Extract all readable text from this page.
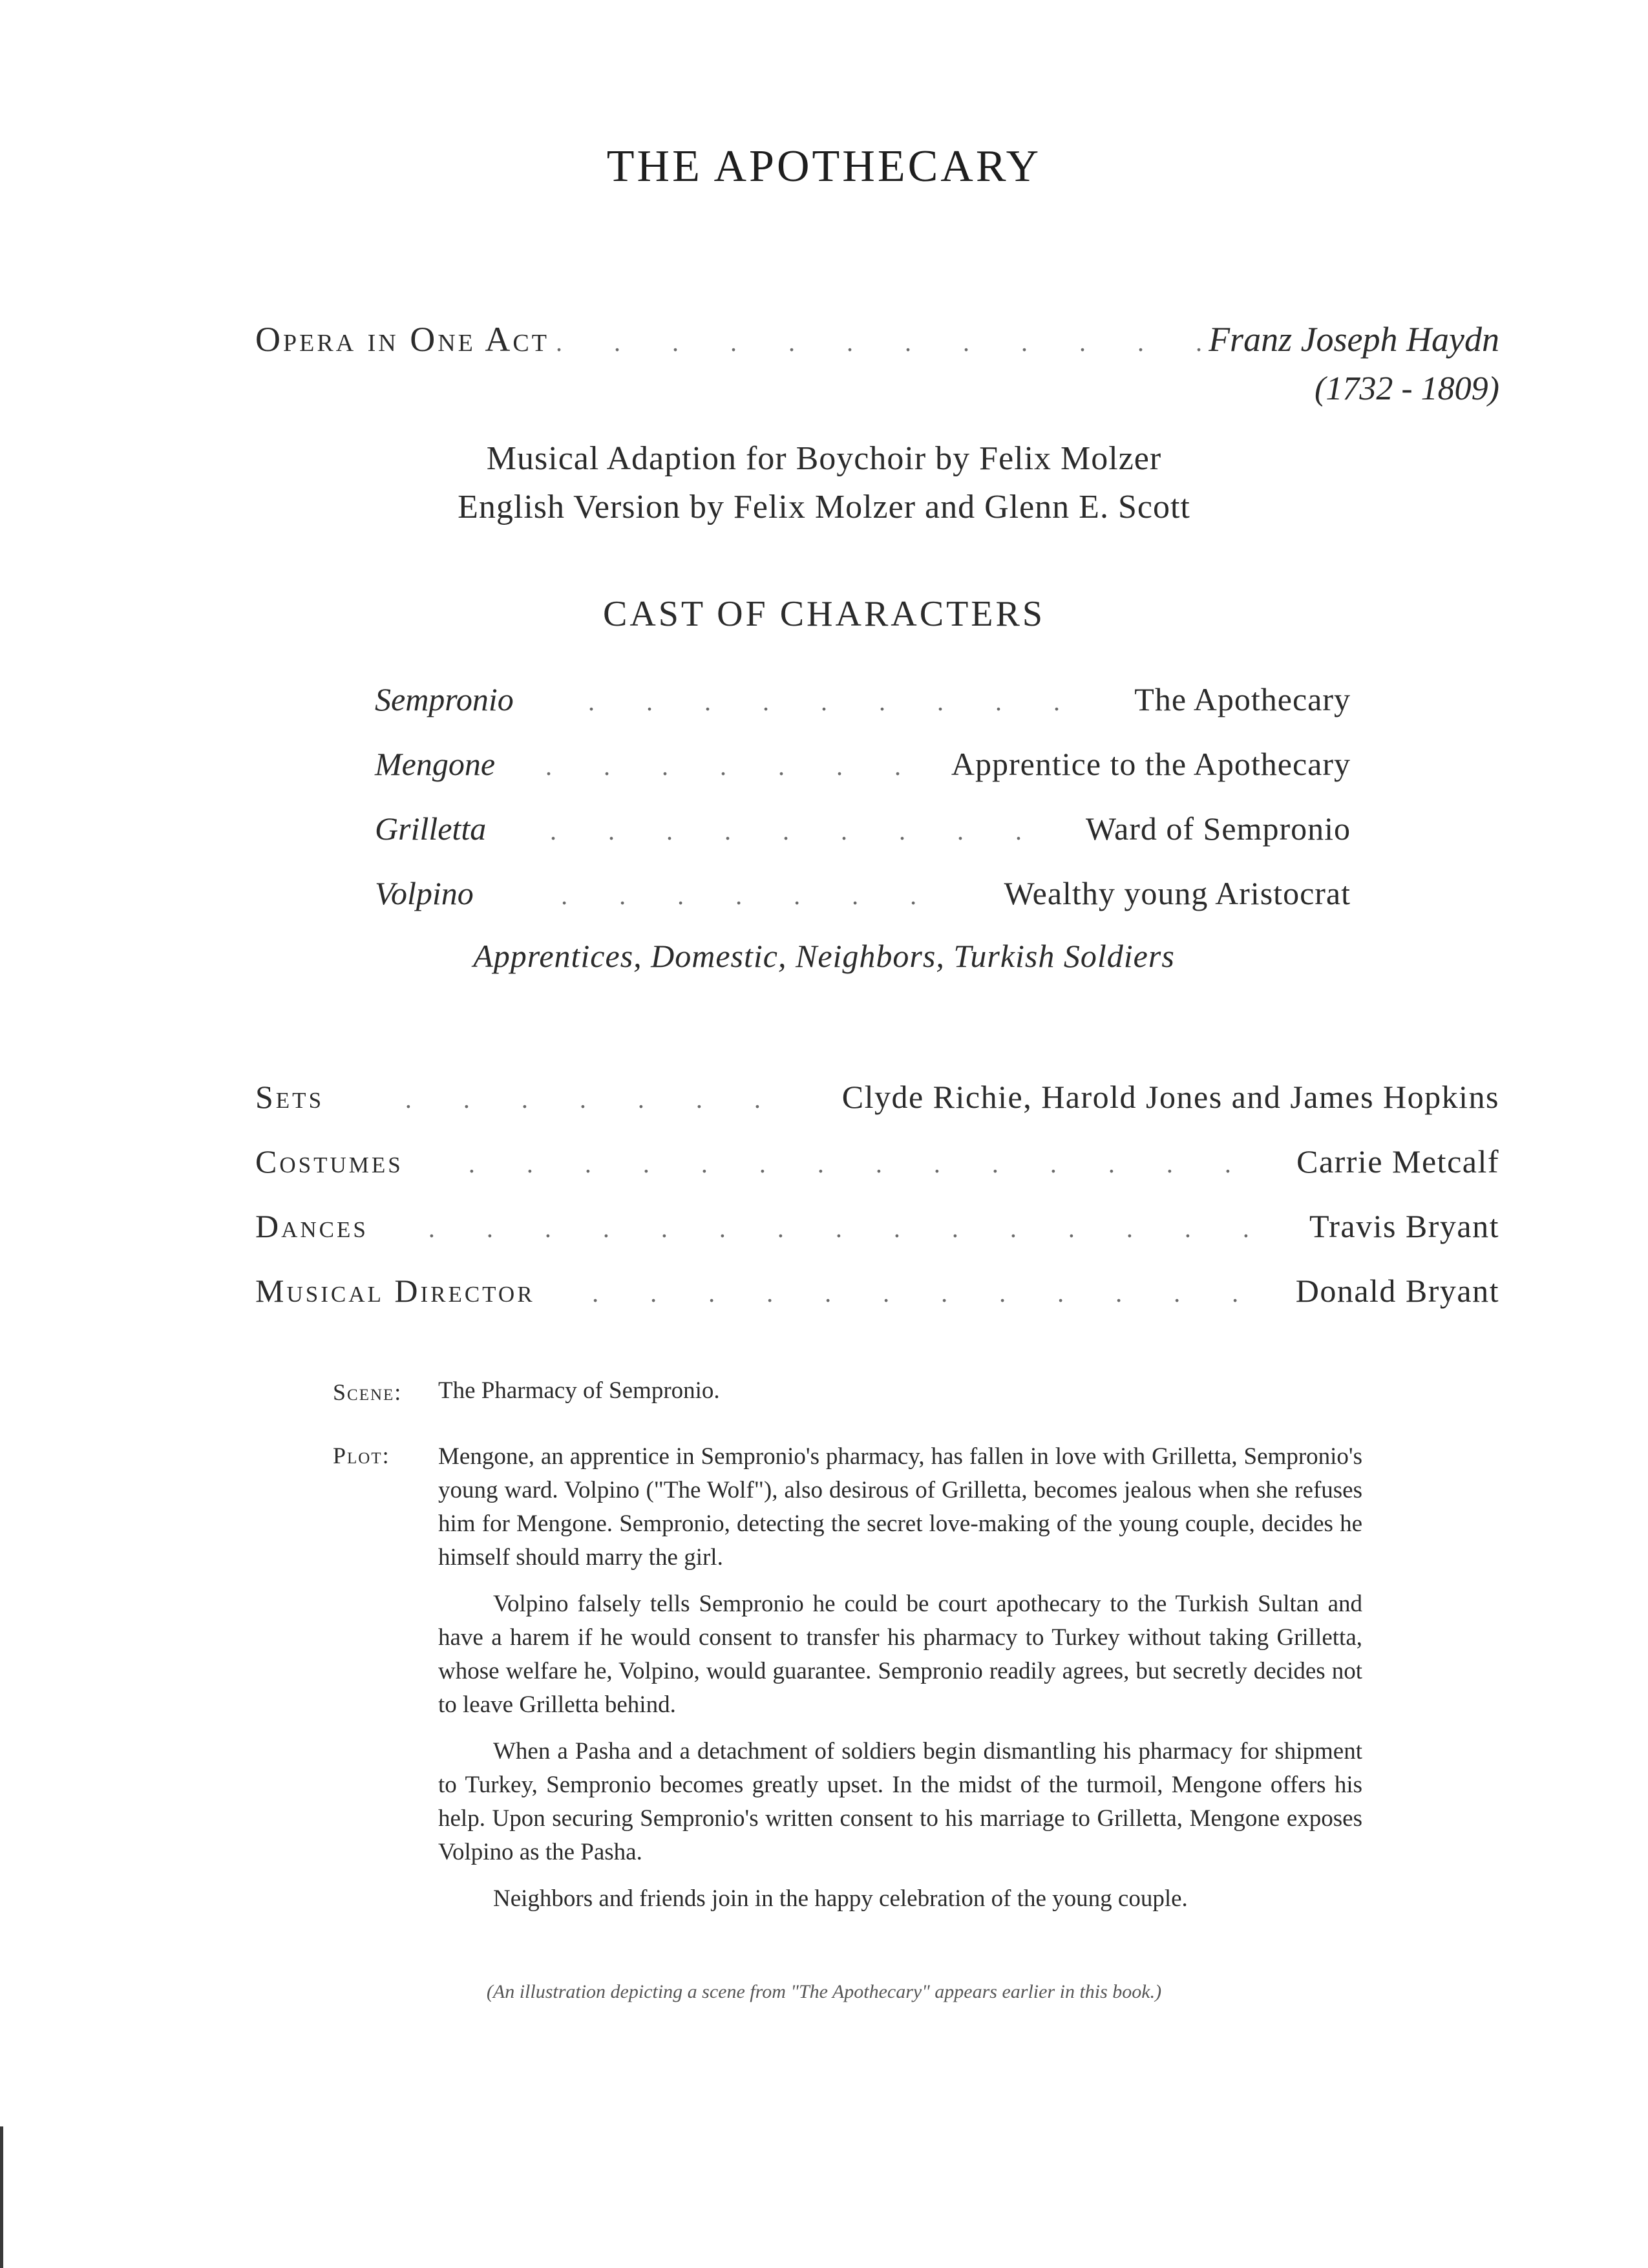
THE APOTHECARY
Opera in One Act .  .  .  .  .  .  .  .  .  .  .  . Franz Joseph Haydn
(1732 - 1809)
Musical Adaption for Boychoir by Felix Molzer
English Version by Felix Molzer and Glenn E. Scott
CAST OF CHARACTERS
Sempronio	.  .  .  .  .  .  .  .  .	The Apothecary
Mengone	.  .  .  .  .  .  .	Apprentice to the Apothecary
Grilletta	.  .  .  .  .  .  .  .  .	Ward of Sempronio
Volpino	.  .  .  .  .  .  .	Wealthy young Aristocrat
Apprentices, Domestic, Neighbors, Turkish Soldiers
Sets	.  .  .  .  .  .  .	Clyde Richie, Harold Jones and James Hopkins
Costumes	.  .  .  .  .  .  .  .  .  .  .  .  .  .	Carrie Metcalf
Dances	.  .  .  .  .  .  .  .  .  .  .  .  .  .  .	Travis Bryant
Musical Director	.  .  .  .  .  .  .  .  .  .  .  .	Donald Bryant
Scene: The Pharmacy of Sempronio.
Plot: Mengone, an apprentice in Sempronio's pharmacy, has fallen in love with Grilletta, Sempronio's young ward. Volpino ("The Wolf"), also desirous of Grilletta, becomes jealous when she refuses him for Mengone. Sempronio, detecting the secret love-making of the young couple, decides he himself should marry the girl.

Volpino falsely tells Sempronio he could be court apothecary to the Turkish Sultan and have a harem if he would consent to transfer his pharmacy to Turkey without taking Grilletta, whose welfare he, Volpino, would guarantee. Sempronio readily agrees, but secretly decides not to leave Grilletta behind.

When a Pasha and a detachment of soldiers begin dismantling his pharmacy for shipment to Turkey, Sempronio becomes greatly upset. In the midst of the turmoil, Mengone offers his help. Upon securing Sempronio's written consent to his marriage to Grilletta, Mengone exposes Volpino as the Pasha.

Neighbors and friends join in the happy celebration of the young couple.

(An illustration depicting a scene from "The Apothecary" appears earlier in this book.)
